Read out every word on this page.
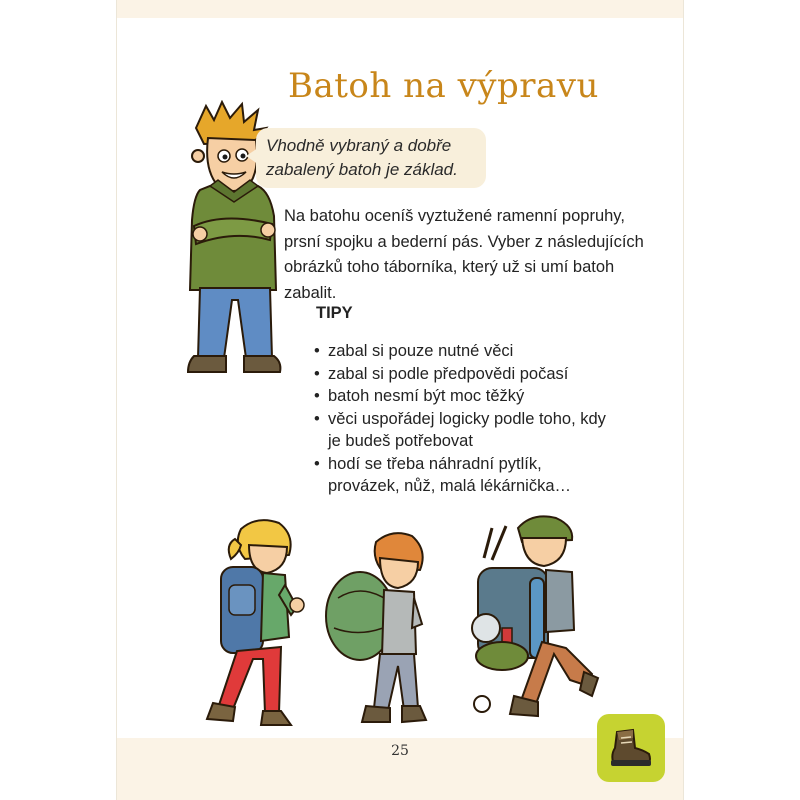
Batoh na výpravu

Vhodně vybraný a dobře zabalený batoh je základ.

Na batohu oceníš vyztužené ramenní popruhy, prsní spojku a bederní pás. Vyber z následujících obrázků toho táborníka, který už si umí batoh zabalit.

TIPY

• zabal si pouze nutné věci
• zabal si podle předpovědi počasí
• batoh nesmí být moc těžký
• věci uspořádej logicky podle toho, kdy je budeš potřebovat
• hodí se třeba náhradní pytlík, provázek, nůž, malá lékárnička…

25
